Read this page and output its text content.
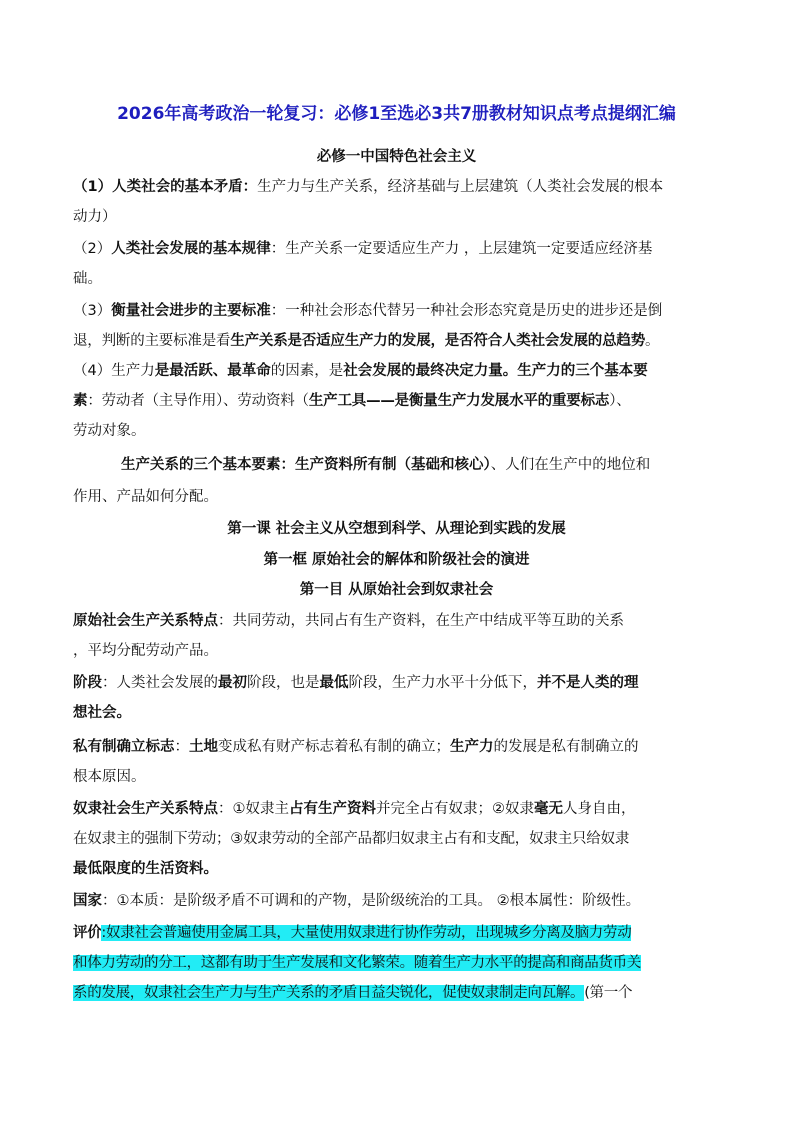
2026年高考政治一轮复习：必修1至选必3共7册教材知识点考点提纲汇编
必修一中国特色社会主义
（1）人类社会的基本矛盾：生产力与生产关系，经济基础与上层建筑（人类社会发展的根本
动力）
（2）人类社会发展的基本规律：生产关系一定要适应生产力 ，上层建筑一定要适应经济基
础。
（3）衡量社会进步的主要标准：一种社会形态代替另一种社会形态究竟是历史的进步还是倒
退，判断的主要标准是看生产关系是否适应生产力的发展，是否符合人类社会发展的总趋势。
（4）生产力是最活跃、最革命的因素，是社会发展的最终决定力量。生产力的三个基本要
素：劳动者（主导作用）、劳动资料（生产工具——是衡量生产力发展水平的重要标志）、
劳动对象。
生产关系的三个基本要素：生产资料所有制（基础和核心）、人们在生产中的地位和
作用、产品如何分配。
第一课 社会主义从空想到科学、从理论到实践的发展
第一框 原始社会的解体和阶级社会的演进
第一目 从原始社会到奴隶社会
原始社会生产关系特点：共同劳动，共同占有生产资料，在生产中结成平等互助的关系
，平均分配劳动产品。
阶段：人类社会发展的最初阶段，也是最低阶段，生产力水平十分低下，并不是人类的理
想社会。
私有制确立标志：土地变成私有财产标志着私有制的确立；生产力的发展是私有制确立的
根本原因。
奴隶社会生产关系特点：①奴隶主占有生产资料并完全占有奴隶；②奴隶毫无人身自由，
在奴隶主的强制下劳动；③奴隶劳动的全部产品都归奴隶主占有和支配，奴隶主只给奴隶
最低限度的生活资料。
国家：①本质：是阶级矛盾不可调和的产物，是阶级统治的工具。 ②根本属性：阶级性。
评价:奴隶社会普遍使用金属工具，大量使用奴隶进行协作劳动，出现城乡分离及脑力劳动
和体力劳动的分工，这都有助于生产发展和文化繁荣。随着生产力水平的提高和商品货币关
系的发展，奴隶社会生产力与生产关系的矛盾日益尖锐化，促使奴隶制走向瓦解。(第一个
